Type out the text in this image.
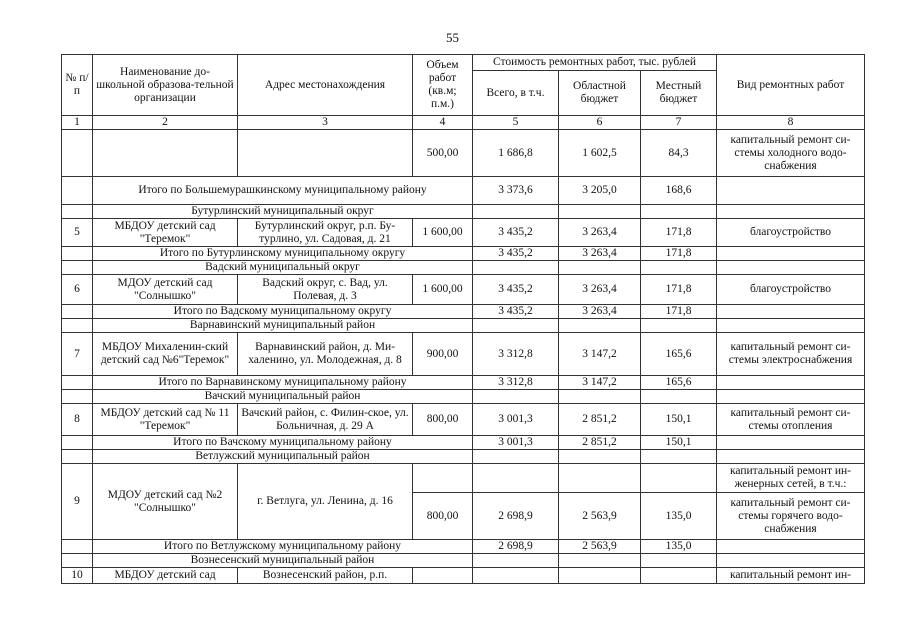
55
№ п/п	Наименование до-школьной образова-тельной организации	Адрес местонахождения	Объем работ (кв.м; п.м.)	Стоимость ремонтных работ, тыс. рублей			Вид ремонтных работ
				Всего, в т.ч.	Областной бюджет	Местный бюджет	
1	2	3	4	5	6	7	8
			500,00	1 686,8	1 602,5	84,3	капитальный ремонт си-стемы холодного водо-снабжения
	Итого по Большемурашкинскому муниципальному району			3 373,6	3 205,0	168,6	
	Бутурлинский муниципальный округ						
5	МБДОУ детский сад "Теремок"	Бутурлинский округ, р.п. Бу-турлино, ул. Садовая, д. 21	1 600,00	3 435,2	3 263,4	171,8	благоустройство
	Итого по Бутурлинскому муниципальному округу			3 435,2	3 263,4	171,8	
	Вадский муниципальный округ						
6	МДОУ детский сад "Солнышко"	Вадский округ, с. Вад, ул. Полевая, д. 3	1 600,00	3 435,2	3 263,4	171,8	благоустройство
	Итого по Вадскому муниципальному округу			3 435,2	3 263,4	171,8	
	Варнавинский муниципальный район						
7	МБДОУ Михаленин-ский детский сад №6"Теремок"	Варнавинский район, д. Ми-халенино, ул. Молодежная, д. 8	900,00	3 312,8	3 147,2	165,6	капитальный ремонт си-стемы электроснабжения
	Итого по Варнавинскому муниципальному району			3 312,8	3 147,2	165,6	
	Вачский муниципальный район						
8	МБДОУ детский сад № 11 "Теремок"	Вачский район, с. Филин-ское, ул. Больничная, д. 29 А	800,00	3 001,3	2 851,2	150,1	капитальный ремонт си-стемы отопления
	Итого по Вачскому муниципальному району			3 001,3	2 851,2	150,1	
	Ветлужский муниципальный район						
9	МДОУ детский сад №2 "Солнышко"	г. Ветлуга, ул. Ленина, д. 16					капитальный ремонт ин-женерных сетей, в т.ч.:
			800,00	2 698,9	2 563,9	135,0	капитальный ремонт си-стемы горячего водо-снабжения
	Итого по Ветлужскому муниципальному району			2 698,9	2 563,9	135,0	
	Вознесенский муниципальный район						
10	МБДОУ детский сад	Вознесенский район, р.п.					капитальный ремонт ин-
